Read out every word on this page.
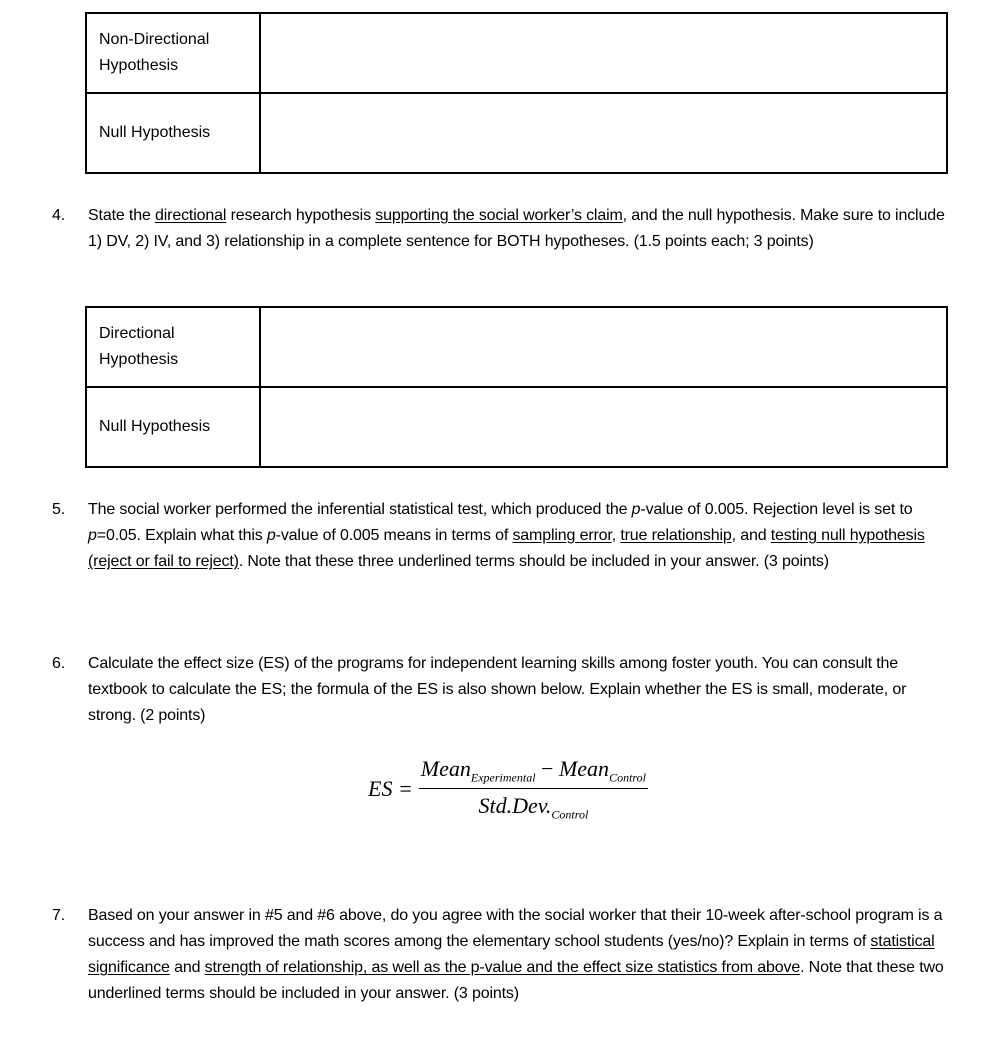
Non-Directional Hypothesis	
Null Hypothesis	
4. State the directional research hypothesis supporting the social worker’s claim, and the null hypothesis. Make sure to include 1) DV, 2) IV, and 3) relationship in a complete sentence for BOTH hypotheses. (1.5 points each; 3 points)
Directional Hypothesis	
Null Hypothesis	
5. The social worker performed the inferential statistical test, which produced the p-value of 0.005. Rejection level is set to p=0.05. Explain what this p-value of 0.005 means in terms of sampling error, true relationship, and testing null hypothesis (reject or fail to reject). Note that these three underlined terms should be included in your answer. (3 points)
6. Calculate the effect size (ES) of the programs for independent learning skills among foster youth. You can consult the textbook to calculate the ES; the formula of the ES is also shown below. Explain whether the ES is small, moderate, or strong. (2 points)
ES = $\frac{Mean_{Experimental} - Mean_{Control}}{Std.Dev._{Control}}$
7. Based on your answer in #5 and #6 above, do you agree with the social worker that their 10-week after-school program is a success and has improved the math scores among the elementary school students (yes/no)? Explain in terms of statistical significance and strength of relationship, as well as the p-value and the effect size statistics from above. Note that these two underlined terms should be included in your answer. (3 points)
